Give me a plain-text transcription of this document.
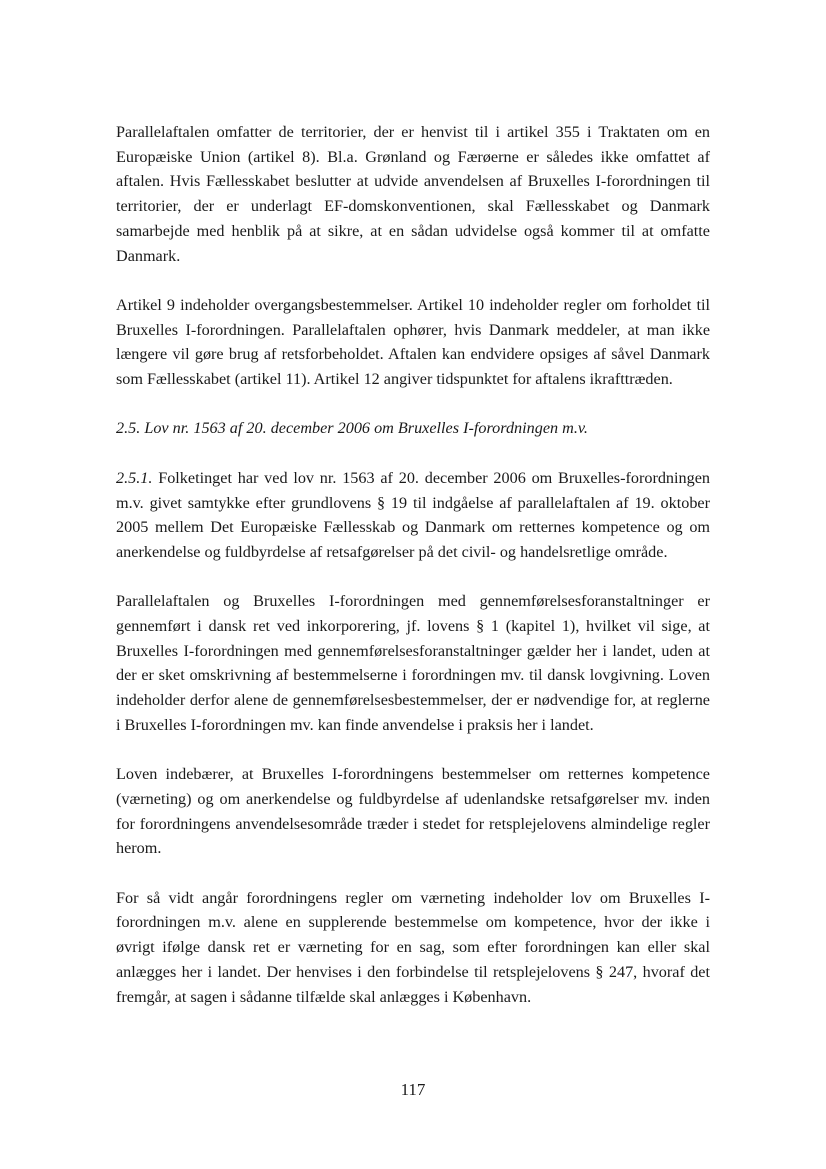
Parallelaftalen omfatter de territorier, der er henvist til i artikel 355 i Traktaten om en Europæiske Union (artikel 8). Bl.a. Grønland og Færøerne er således ikke omfattet af aftalen. Hvis Fællesskabet beslutter at udvide anvendelsen af Bruxelles I-forordningen til territorier, der er underlagt EF-domskonventionen, skal Fællesskabet og Danmark samarbejde med henblik på at sikre, at en sådan udvidelse også kommer til at omfatte Danmark.

Artikel 9 indeholder overgangsbestemmelser. Artikel 10 indeholder regler om forholdet til Bruxelles I-forordningen. Parallelaftalen ophører, hvis Danmark meddeler, at man ikke længere vil gøre brug af retsforbeholdet. Aftalen kan endvidere opsiges af såvel Danmark som Fællesskabet (artikel 11). Artikel 12 angiver tidspunktet for aftalens ikrafttræden.

2.5. Lov nr. 1563 af 20. december 2006 om Bruxelles I-forordningen m.v.

2.5.1. Folketinget har ved lov nr. 1563 af 20. december 2006 om Bruxelles-forordningen m.v. givet samtykke efter grundlovens § 19 til indgåelse af parallelaftalen af 19. oktober 2005 mellem Det Europæiske Fællesskab og Danmark om retternes kompetence og om anerkendelse og fuldbyrdelse af retsafgørelser på det civil- og handelsretlige område.

Parallelaftalen og Bruxelles I-forordningen med gennemførelsesforanstaltninger er gennemført i dansk ret ved inkorporering, jf. lovens § 1 (kapitel 1), hvilket vil sige, at Bruxelles I-forordningen med gennemførelsesforanstaltninger gælder her i landet, uden at der er sket omskrivning af bestemmelserne i forordningen mv. til dansk lovgivning. Loven indeholder derfor alene de gennemførelsesbestemmelser, der er nødvendige for, at reglerne i Bruxelles I-forordningen mv. kan finde anvendelse i praksis her i landet.

Loven indebærer, at Bruxelles I-forordningens bestemmelser om retternes kompetence (værneting) og om anerkendelse og fuldbyrdelse af udenlandske retsafgørelser mv. inden for forordningens anvendelsesområde træder i stedet for retsplejelovens almindelige regler herom.

For så vidt angår forordningens regler om værneting indeholder lov om Bruxelles I-forordningen m.v. alene en supplerende bestemmelse om kompetence, hvor der ikke i øvrigt ifølge dansk ret er værneting for en sag, som efter forordningen kan eller skal anlægges her i landet. Der henvises i den forbindelse til retsplejelovens § 247, hvoraf det fremgår, at sagen i sådanne tilfælde skal anlægges i København.

117
